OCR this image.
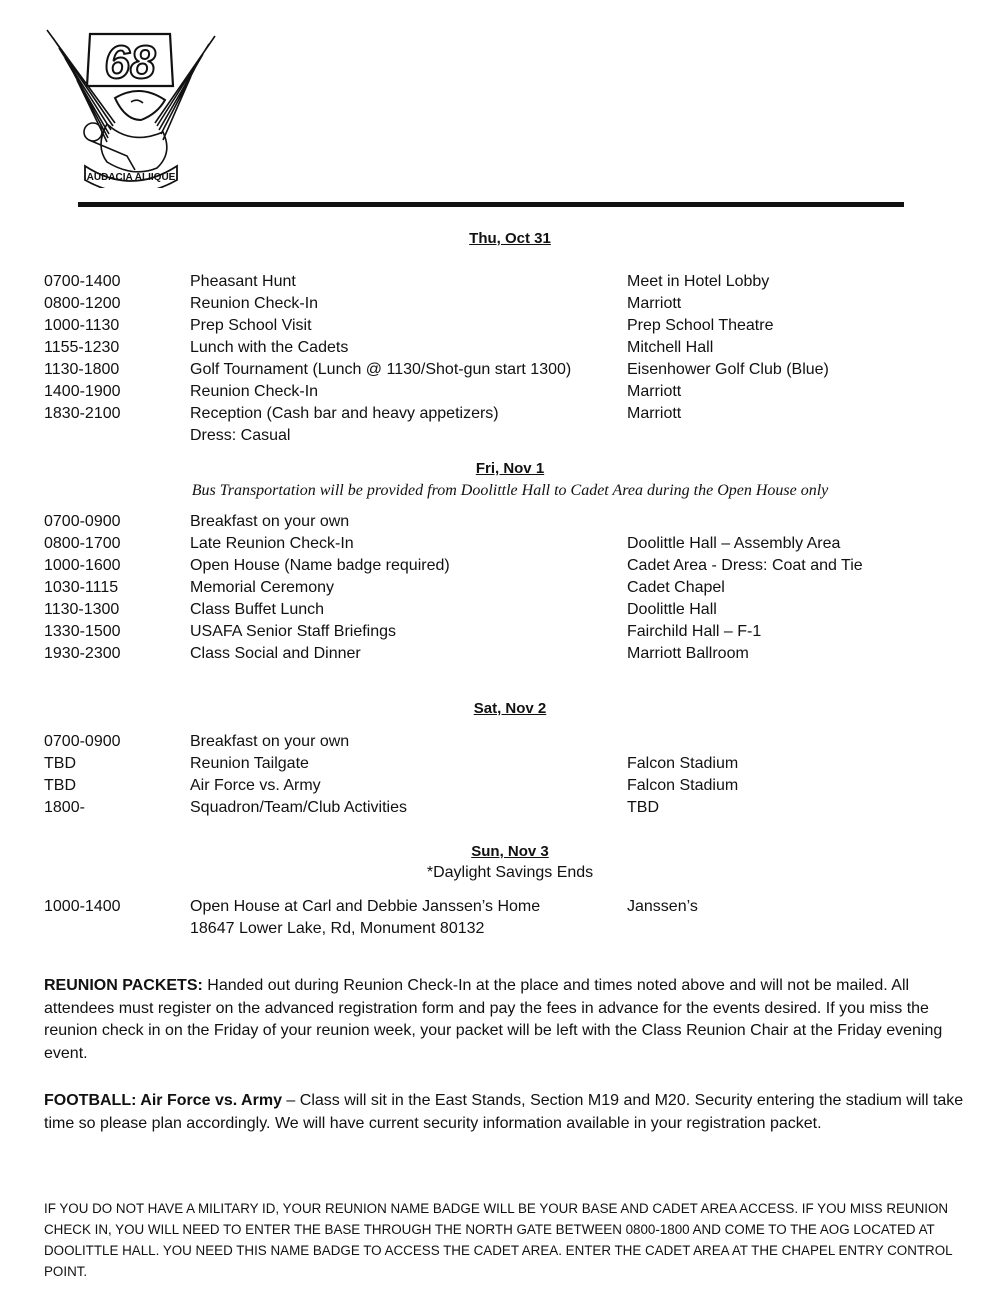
68
AUDACIA ALIIQUE
Thu, Oct 31
0700-1400	Pheasant Hunt	Meet in Hotel Lobby
0800-1200	Reunion Check-In	Marriott
1000-1130	Prep School Visit	Prep School Theatre
1155-1230	Lunch with the Cadets	Mitchell Hall
1130-1800	Golf Tournament (Lunch @ 1130/Shot-gun start 1300)	Eisenhower Golf Club (Blue)
1400-1900	Reunion Check-In	Marriott
1830-2100	Reception (Cash bar and heavy appetizers)	Marriott
Dress: Casual
Fri, Nov 1
Bus Transportation will be provided from Doolittle Hall to Cadet Area during the Open House only
0700-0900	Breakfast on your own
0800-1700	Late Reunion Check-In	Doolittle Hall – Assembly Area
1000-1600	Open House (Name badge required)	Cadet Area - Dress: Coat and Tie
1030-1115	Memorial Ceremony	Cadet Chapel
1130-1300	Class Buffet Lunch	Doolittle Hall
1330-1500	USAFA Senior Staff Briefings	Fairchild Hall – F-1
1930-2300	Class Social and Dinner	Marriott Ballroom
Sat, Nov 2
0700-0900	Breakfast on your own
TBD	Reunion Tailgate	Falcon Stadium
TBD	Air Force vs. Army	Falcon Stadium
1800-	Squadron/Team/Club Activities	TBD
Sun, Nov 3
*Daylight Savings Ends
1000-1400	Open House at Carl and Debbie Janssen’s Home	Janssen’s
18647 Lower Lake, Rd, Monument 80132
REUNION PACKETS: Handed out during Reunion Check-In at the place and times noted above and will not be mailed. All attendees must register on the advanced registration form and pay the fees in advance for the events desired. If you miss the reunion check in on the Friday of your reunion week, your packet will be left with the Class Reunion Chair at the Friday evening event.
FOOTBALL: Air Force vs. Army – Class will sit in the East Stands, Section M19 and M20. Security entering the stadium will take time so please plan accordingly. We will have current security information available in your registration packet.
IF YOU DO NOT HAVE A MILITARY ID, YOUR REUNION NAME BADGE WILL BE YOUR BASE AND CADET AREA ACCESS. IF YOU MISS REUNION CHECK IN, YOU WILL NEED TO ENTER THE BASE THROUGH THE NORTH GATE BETWEEN 0800-1800 AND COME TO THE AOG LOCATED AT DOOLITTLE HALL. YOU NEED THIS NAME BADGE TO ACCESS THE CADET AREA. ENTER THE CADET AREA AT THE CHAPEL ENTRY CONTROL POINT.
